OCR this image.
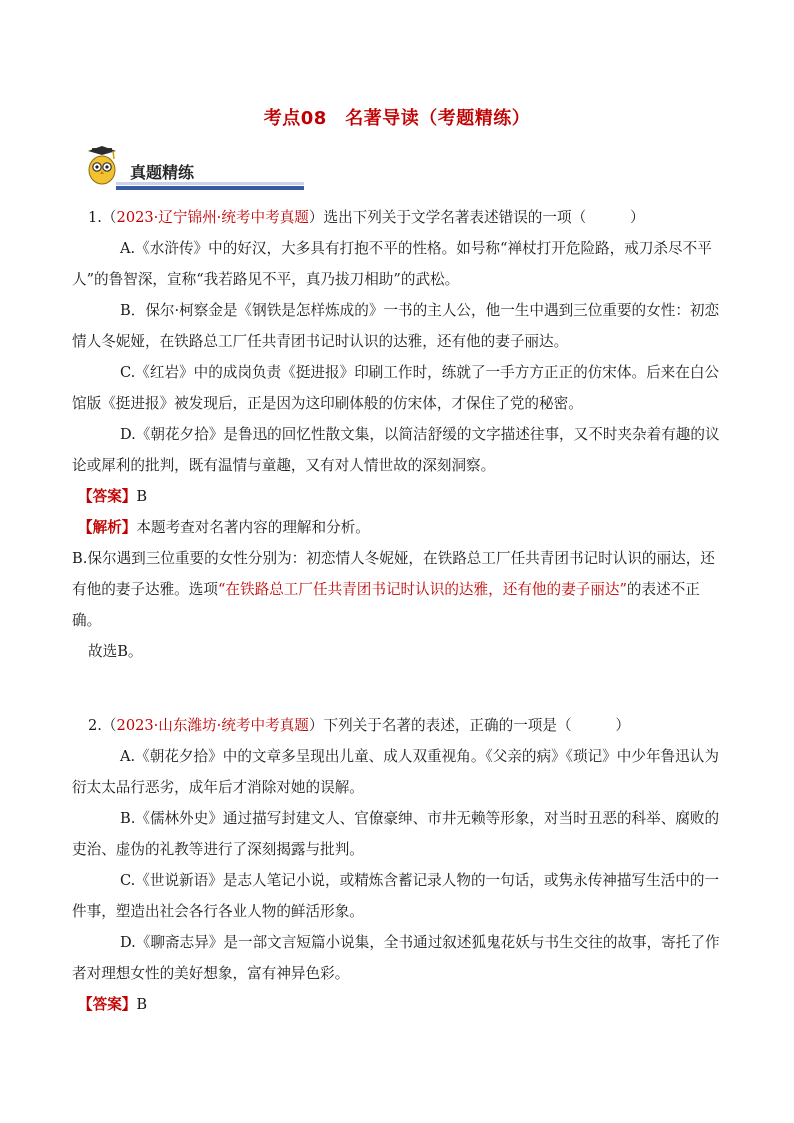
考点08　名著导读（考题精练）
真题精练

1.（2023·辽宁锦州·统考中考真题）选出下列关于文学名著表述错误的一项（　　　）

A.《水浒传》中的好汉，大多具有打抱不平的性格。如号称“禅杖打开危险路，戒刀杀尽不平人”的鲁智深，宣称“我若路见不平，真乃拔刀相助”的武松。

B．保尔·柯察金是《钢铁是怎样炼成的》一书的主人公，他一生中遇到三位重要的女性：初恋情人冬妮娅，在铁路总工厂任共青团书记时认识的达雅，还有他的妻子丽达。

C.《红岩》中的成岗负责《挺进报》印刷工作时，练就了一手方方正正的仿宋体。后来在白公馆版《挺进报》被发现后，正是因为这印刷体般的仿宋体，才保住了党的秘密。

D.《朝花夕拾》是鲁迅的回忆性散文集，以简洁舒缓的文字描述往事，又不时夹杂着有趣的议论或犀利的批判，既有温情与童趣，又有对人情世故的深刻洞察。

【答案】B

【解析】本题考查对名著内容的理解和分析。

B.保尔遇到三位重要的女性分别为：初恋情人冬妮娅，在铁路总工厂任共青团书记时认识的丽达，还有他的妻子达雅。选项“在铁路总工厂任共青团书记时认识的达雅，还有他的妻子丽达”的表述不正确。

故选B。

2.（2023·山东潍坊·统考中考真题）下列关于名著的表述，正确的一项是（　　　）

A.《朝花夕拾》中的文章多呈现出儿童、成人双重视角。《父亲的病》《琐记》中少年鲁迅认为衍太太品行恶劣，成年后才消除对她的误解。

B.《儒林外史》通过描写封建文人、官僚豪绅、市井无赖等形象，对当时丑恶的科举、腐败的吏治、虚伪的礼教等进行了深刻揭露与批判。

C.《世说新语》是志人笔记小说，或精炼含蓄记录人物的一句话，或隽永传神描写生活中的一件事，塑造出社会各行各业人物的鲜活形象。

D.《聊斋志异》是一部文言短篇小说集，全书通过叙述狐鬼花妖与书生交往的故事，寄托了作者对理想女性的美好想象，富有神异色彩。

【答案】B
